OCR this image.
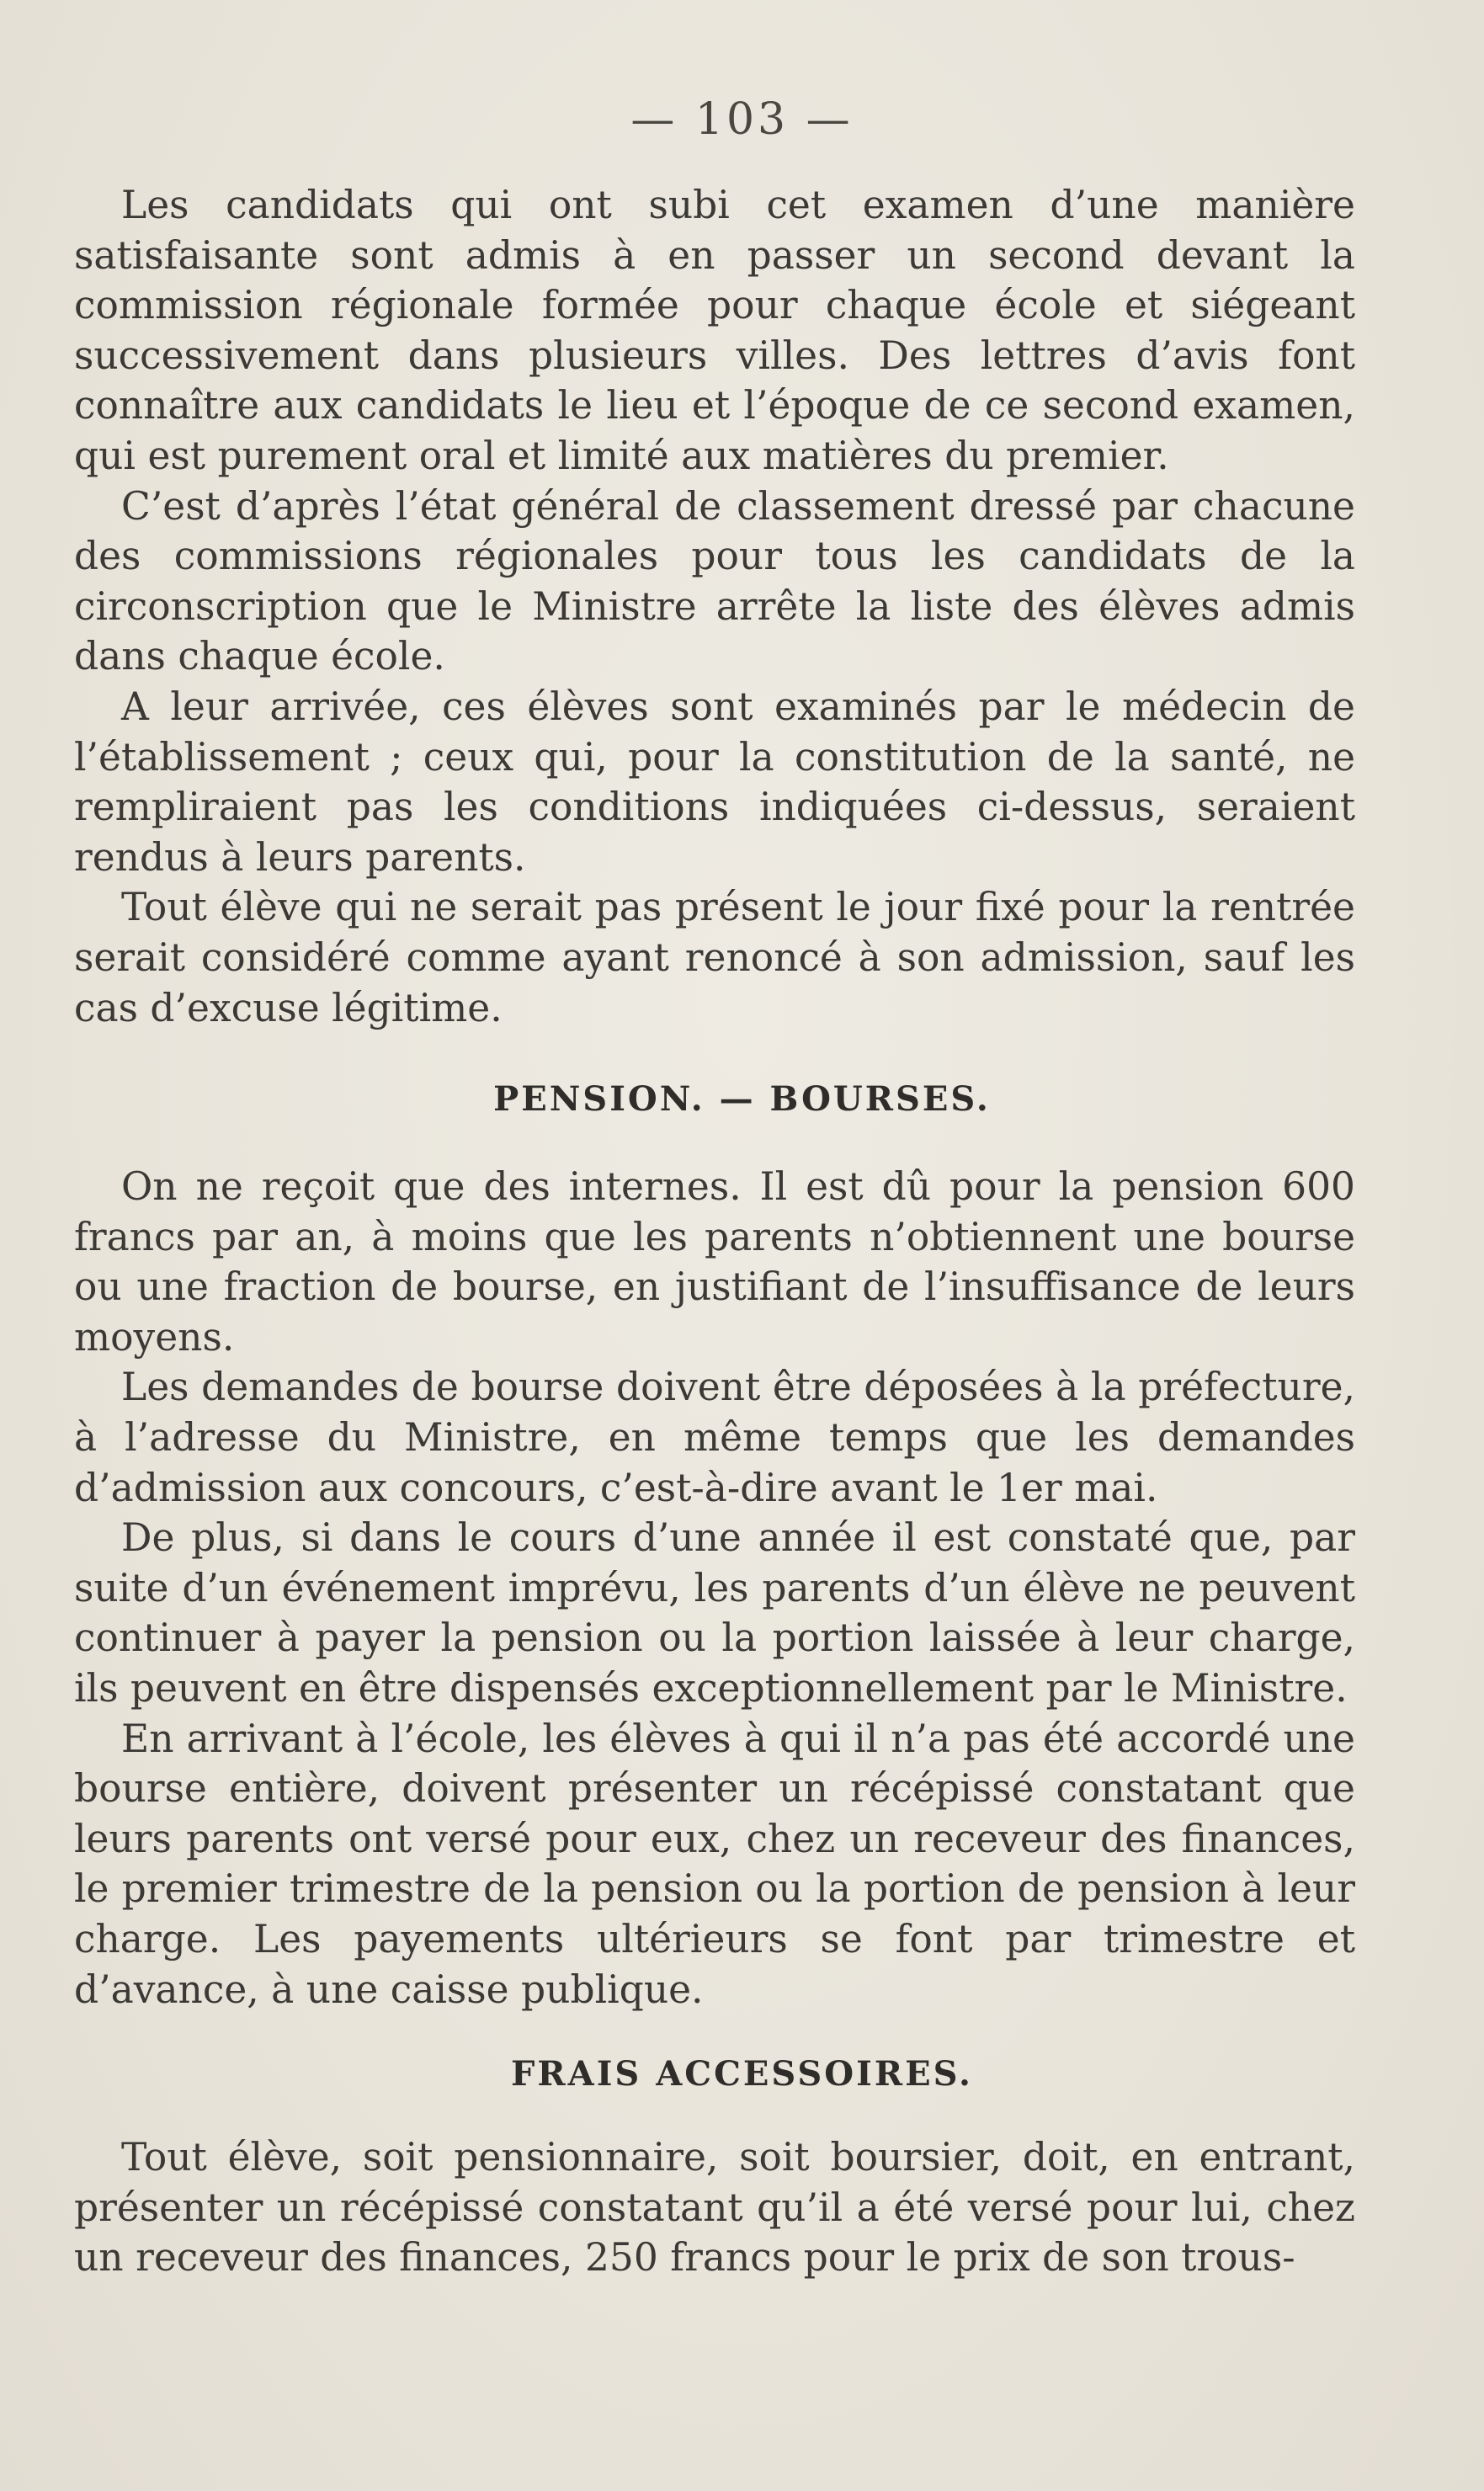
— 103 —

Les candidats qui ont subi cet examen d’une manière satisfaisante sont admis à en passer un second devant la commission régionale formée pour chaque école et siégeant successivement dans plusieurs villes. Des lettres d’avis font connaître aux candidats le lieu et l’époque de ce second examen, qui est purement oral et limité aux matières du premier.

C’est d’après l’état général de classement dressé par chacune des commissions régionales pour tous les candidats de la circonscription que le Ministre arrête la liste des élèves admis dans chaque école.

A leur arrivée, ces élèves sont examinés par le médecin de l’établissement ; ceux qui, pour la constitution de la santé, ne rempliraient pas les conditions indiquées ci-dessus, seraient rendus à leurs parents.

Tout élève qui ne serait pas présent le jour fixé pour la rentrée serait considéré comme ayant renoncé à son admission, sauf les cas d’excuse légitime.

PENSION. — BOURSES.

On ne reçoit que des internes. Il est dû pour la pension 600 francs par an, à moins que les parents n’obtiennent une bourse ou une fraction de bourse, en justifiant de l’insuffisance de leurs moyens.

Les demandes de bourse doivent être déposées à la préfecture, à l’adresse du Ministre, en même temps que les demandes d’admission aux concours, c’est-à-dire avant le 1er mai.

De plus, si dans le cours d’une année il est constaté que, par suite d’un événement imprévu, les parents d’un élève ne peuvent continuer à payer la pension ou la portion laissée à leur charge, ils peuvent en être dispensés exceptionnellement par le Ministre.

En arrivant à l’école, les élèves à qui il n’a pas été accordé une bourse entière, doivent présenter un récépissé constatant que leurs parents ont versé pour eux, chez un receveur des finances, le premier trimestre de la pension ou la portion de pension à leur charge. Les payements ultérieurs se font par trimestre et d’avance, à une caisse publique.

FRAIS ACCESSOIRES.

Tout élève, soit pensionnaire, soit boursier, doit, en entrant, présenter un récépissé constatant qu’il a été versé pour lui, chez un receveur des finances, 250 francs pour le prix de son trous-
